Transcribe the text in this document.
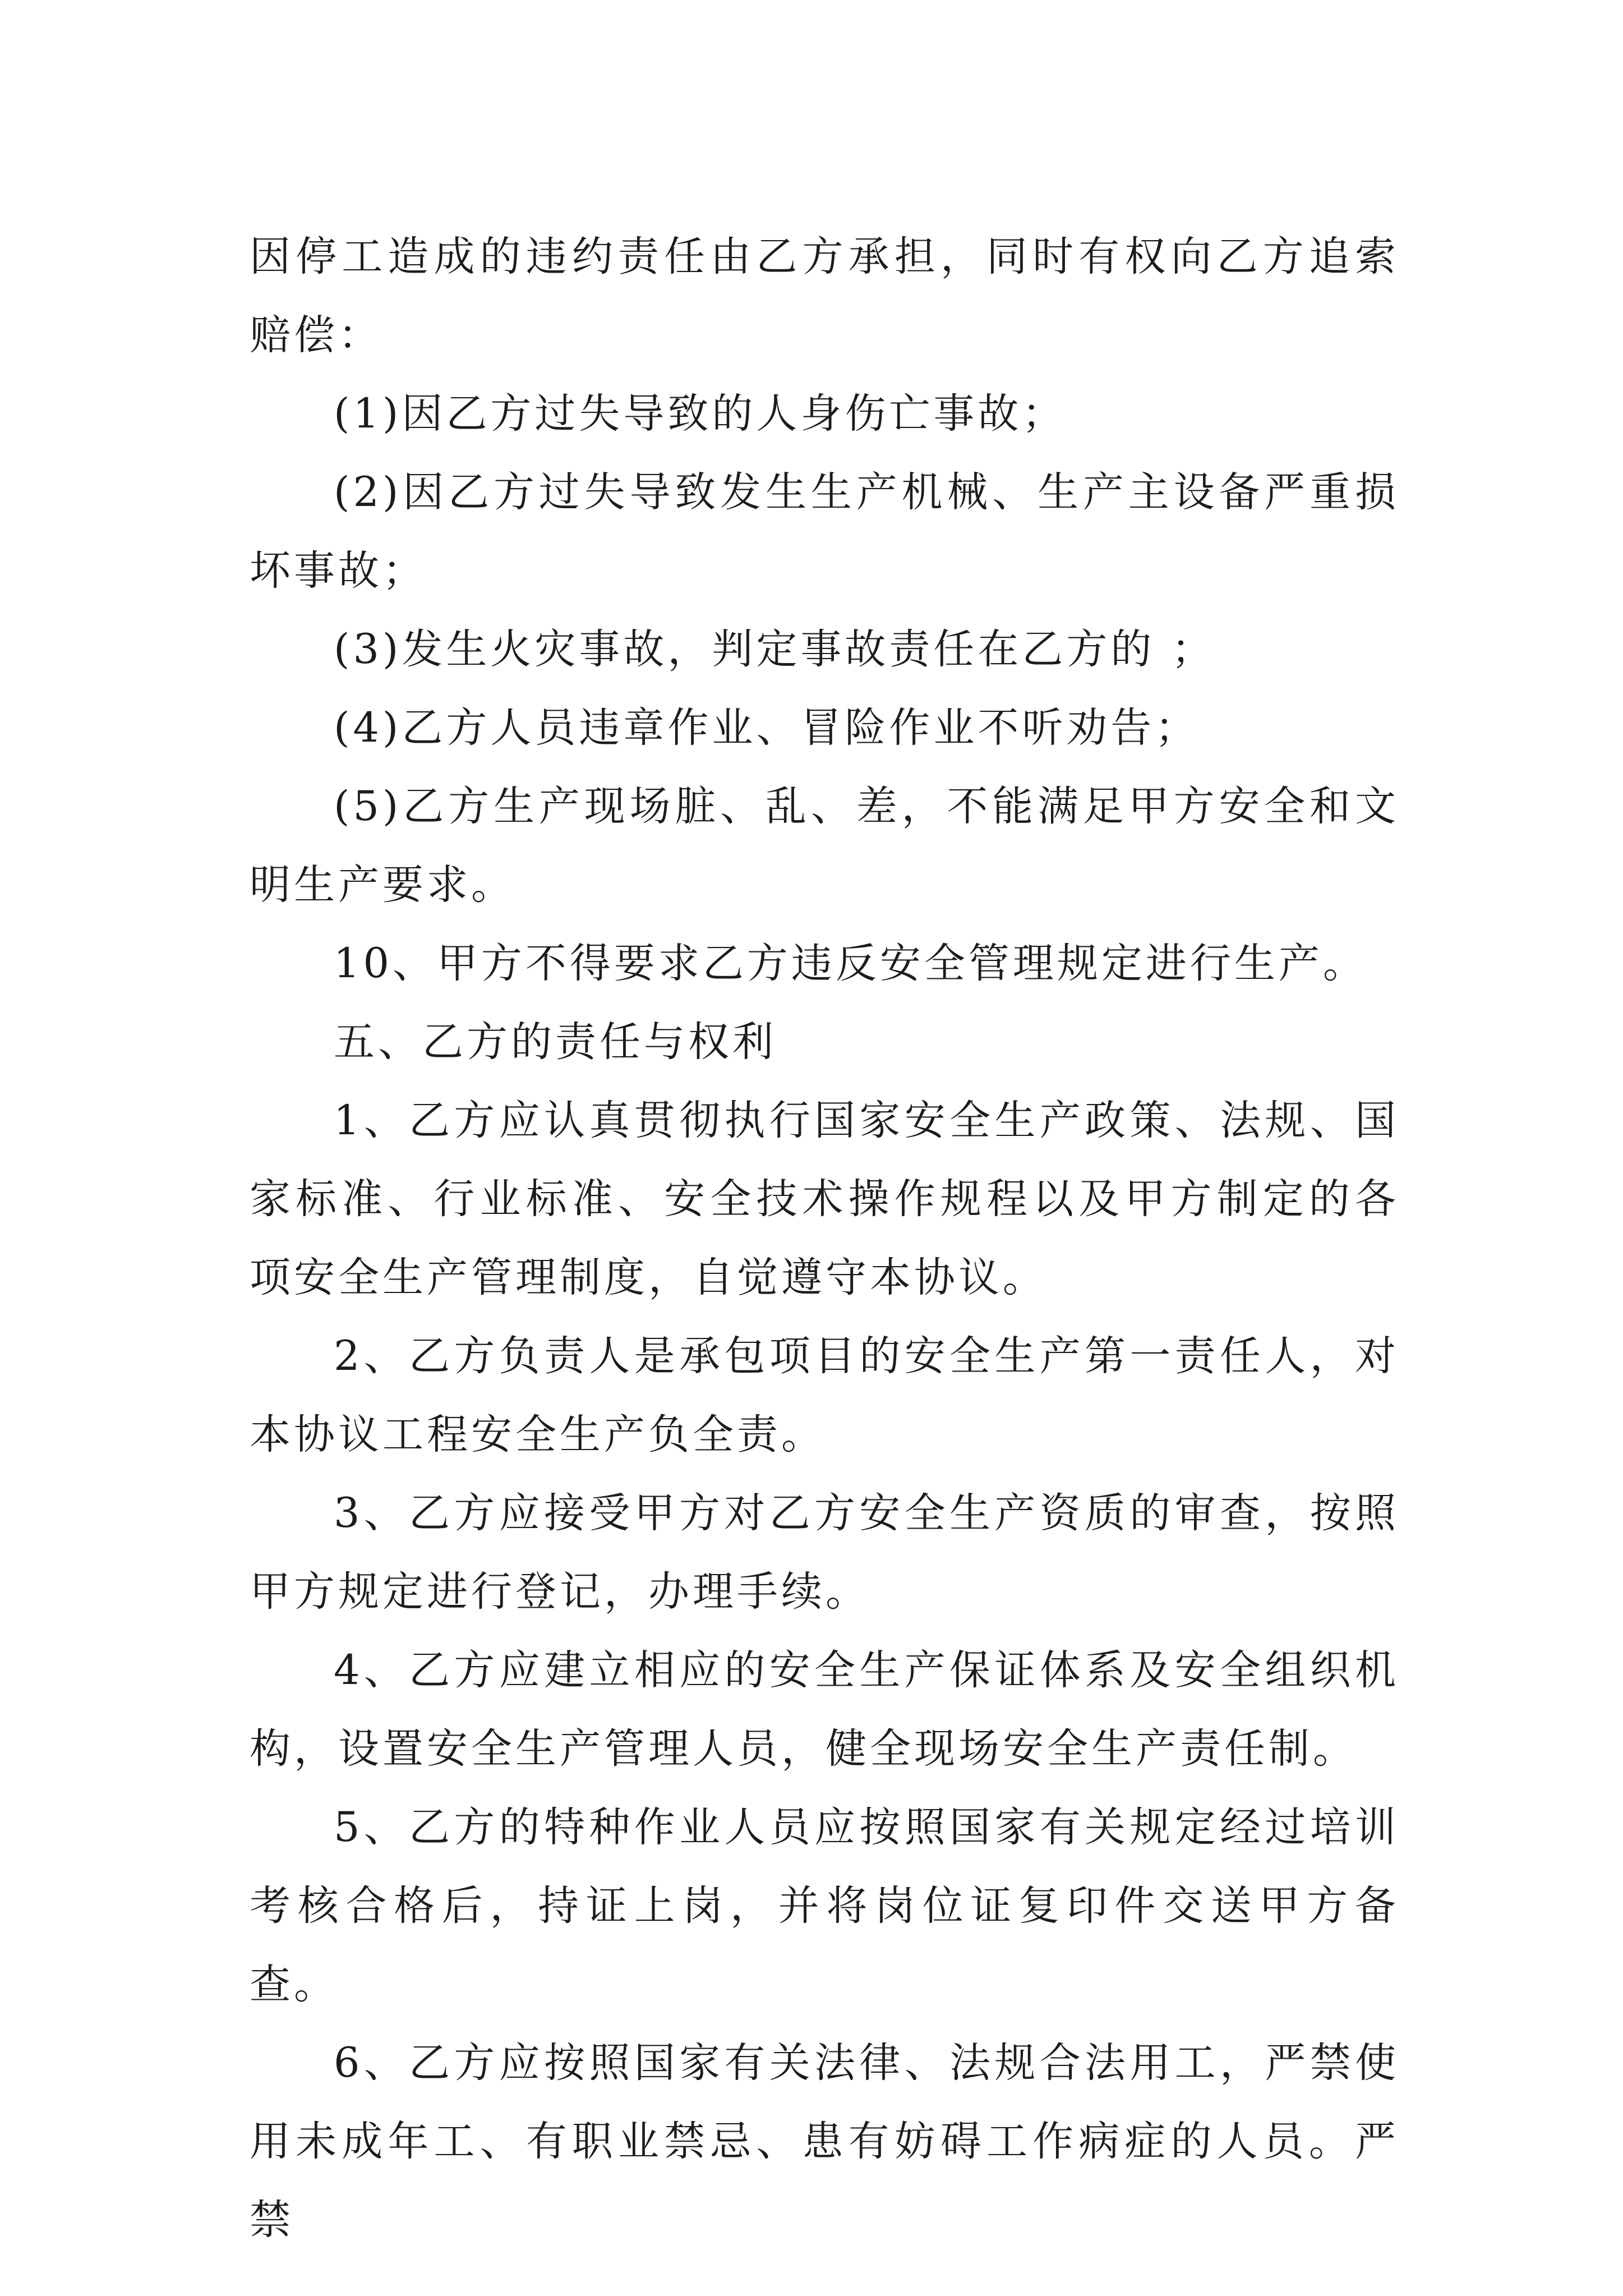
因停工造成的违约责任由乙方承担，同时有权向乙方追索赔偿：

(1)因乙方过失导致的人身伤亡事故；

(2)因乙方过失导致发生生产机械、生产主设备严重损坏事故；

(3)发生火灾事故，判定事故责任在乙方的 ；

(4)乙方人员违章作业、冒险作业不听劝告；

(5)乙方生产现场脏、乱、差，不能满足甲方安全和文明生产要求。

10、甲方不得要求乙方违反安全管理规定进行生产。

五、乙方的责任与权利

1、乙方应认真贯彻执行国家安全生产政策、法规、国家标准、行业标准、安全技术操作规程以及甲方制定的各项安全生产管理制度，自觉遵守本协议。

2、乙方负责人是承包项目的安全生产第一责任人，对本协议工程安全生产负全责。

3、乙方应接受甲方对乙方安全生产资质的审查，按照甲方规定进行登记，办理手续。

4、乙方应建立相应的安全生产保证体系及安全组织机构，设置安全生产管理人员，健全现场安全生产责任制。

5、乙方的特种作业人员应按照国家有关规定经过培训考核合格后，持证上岗，并将岗位证复印件交送甲方备查。

6、乙方应按照国家有关法律、法规合法用工，严禁使用未成年工、有职业禁忌、患有妨碍工作病症的人员。严禁
